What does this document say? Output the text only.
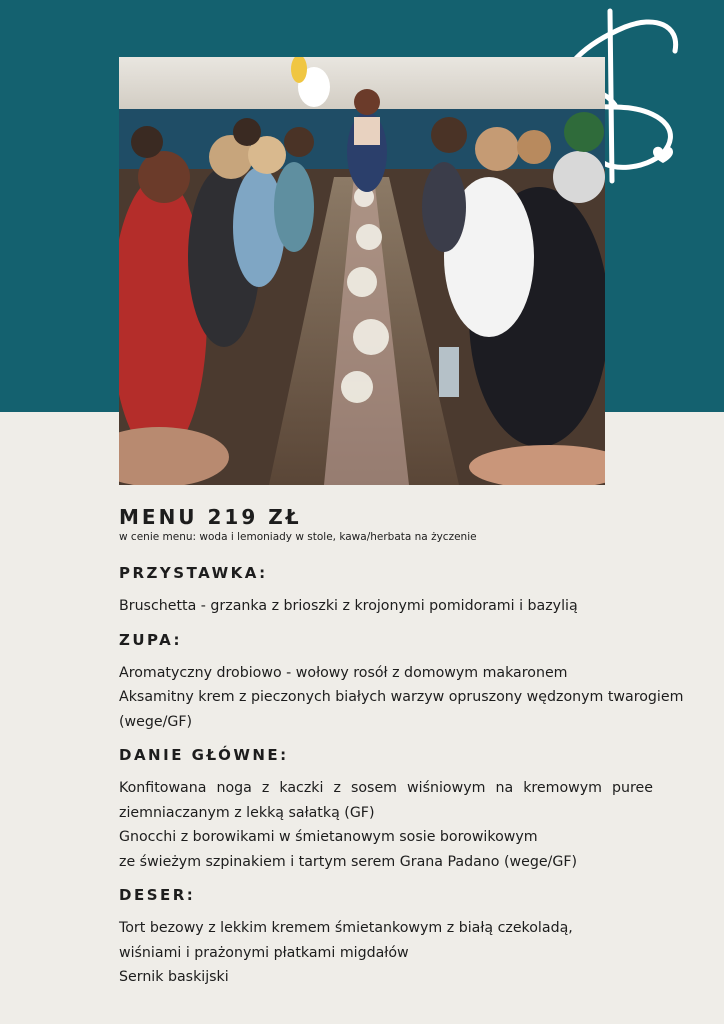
MENU 219 ZŁ

w cenie menu: woda i lemoniady w stole, kawa/herbata na życzenie

PRZYSTAWKA:

Bruschetta - grzanka z brioszki z krojonymi pomidorami i bazylią

ZUPA:

Aromatyczny drobiowo - wołowy rosół z domowym makaronem

Aksamitny krem z pieczonych białych warzyw opruszony wędzonym twarogiem

(wege/GF)

DANIE GŁÓWNE:

Konfitowana noga z kaczki z sosem wiśniowym na kremowym puree

ziemniaczanym z lekką sałatką (GF)

Gnocchi z borowikami w śmietanowym sosie borowikowym

ze świeżym szpinakiem i tartym serem Grana Padano (wege/GF)

DESER:

Tort bezowy z lekkim kremem śmietankowym z białą czekoladą,

wiśniami i prażonymi płatkami migdałów

Sernik baskijski
